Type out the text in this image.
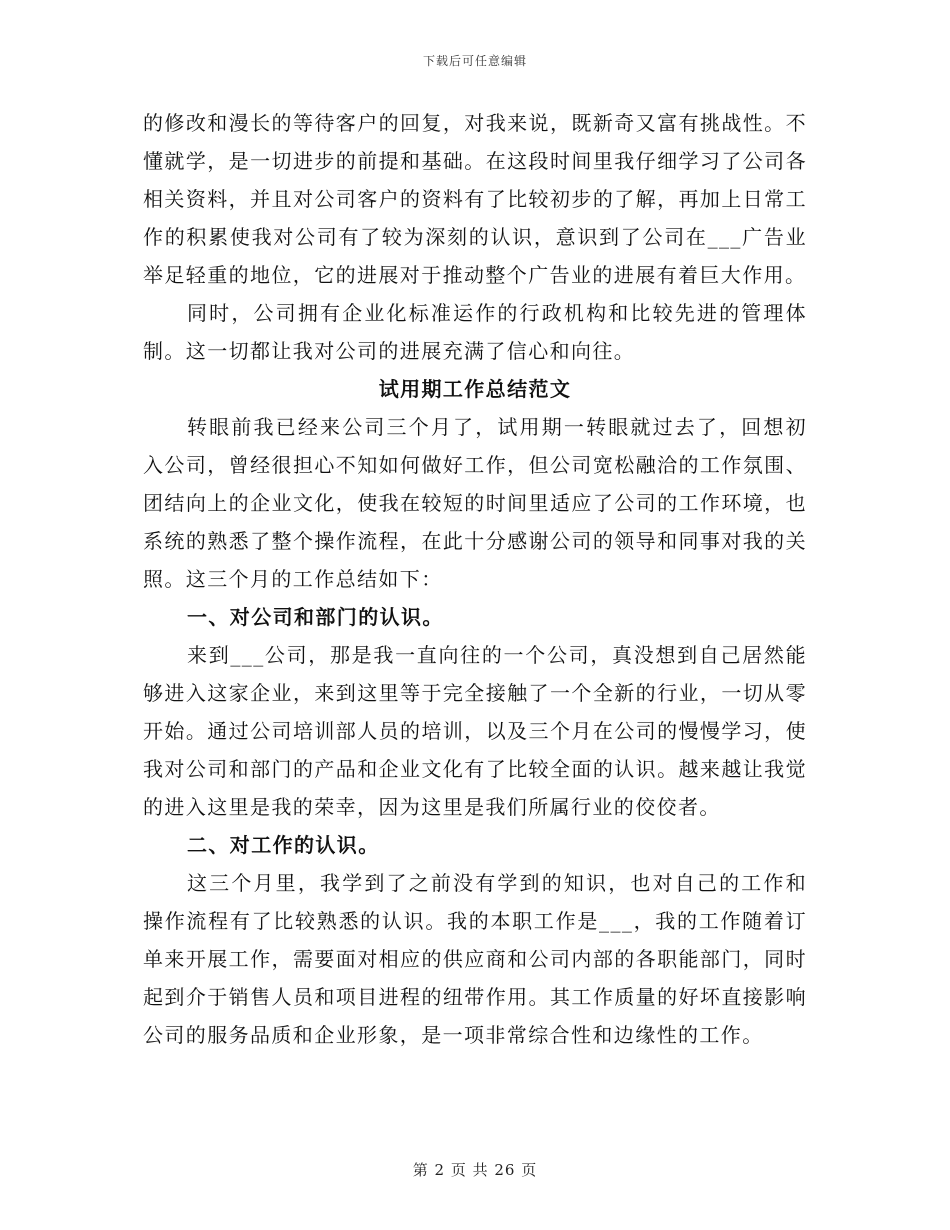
下载后可任意编辑

的修改和漫长的等待客户的回复，对我来说，既新奇又富有挑战性。不懂就学，是一切进步的前提和基础。在这段时间里我仔细学习了公司各相关资料，并且对公司客户的资料有了比较初步的了解，再加上日常工作的积累使我对公司有了较为深刻的认识，意识到了公司在___广告业举足轻重的地位，它的进展对于推动整个广告业的进展有着巨大作用。

同时，公司拥有企业化标准运作的行政机构和比较先进的管理体制。这一切都让我对公司的进展充满了信心和向往。

试用期工作总结范文

转眼前我已经来公司三个月了，试用期一转眼就过去了，回想初入公司，曾经很担心不知如何做好工作，但公司宽松融洽的工作氛围、团结向上的企业文化，使我在较短的时间里适应了公司的工作环境，也系统的熟悉了整个操作流程，在此十分感谢公司的领导和同事对我的关照。这三个月的工作总结如下：

一、对公司和部门的认识。

来到___公司，那是我一直向往的一个公司，真没想到自己居然能够进入这家企业，来到这里等于完全接触了一个全新的行业，一切从零开始。通过公司培训部人员的培训，以及三个月在公司的慢慢学习，使我对公司和部门的产品和企业文化有了比较全面的认识。越来越让我觉的进入这里是我的荣幸，因为这里是我们所属行业的佼佼者。

二、对工作的认识。

这三个月里，我学到了之前没有学到的知识，也对自己的工作和操作流程有了比较熟悉的认识。我的本职工作是___，我的工作随着订单来开展工作，需要面对相应的供应商和公司内部的各职能部门，同时起到介于销售人员和项目进程的纽带作用。其工作质量的好坏直接影响公司的服务品质和企业形象，是一项非常综合性和边缘性的工作。

第 2 页 共 26 页
